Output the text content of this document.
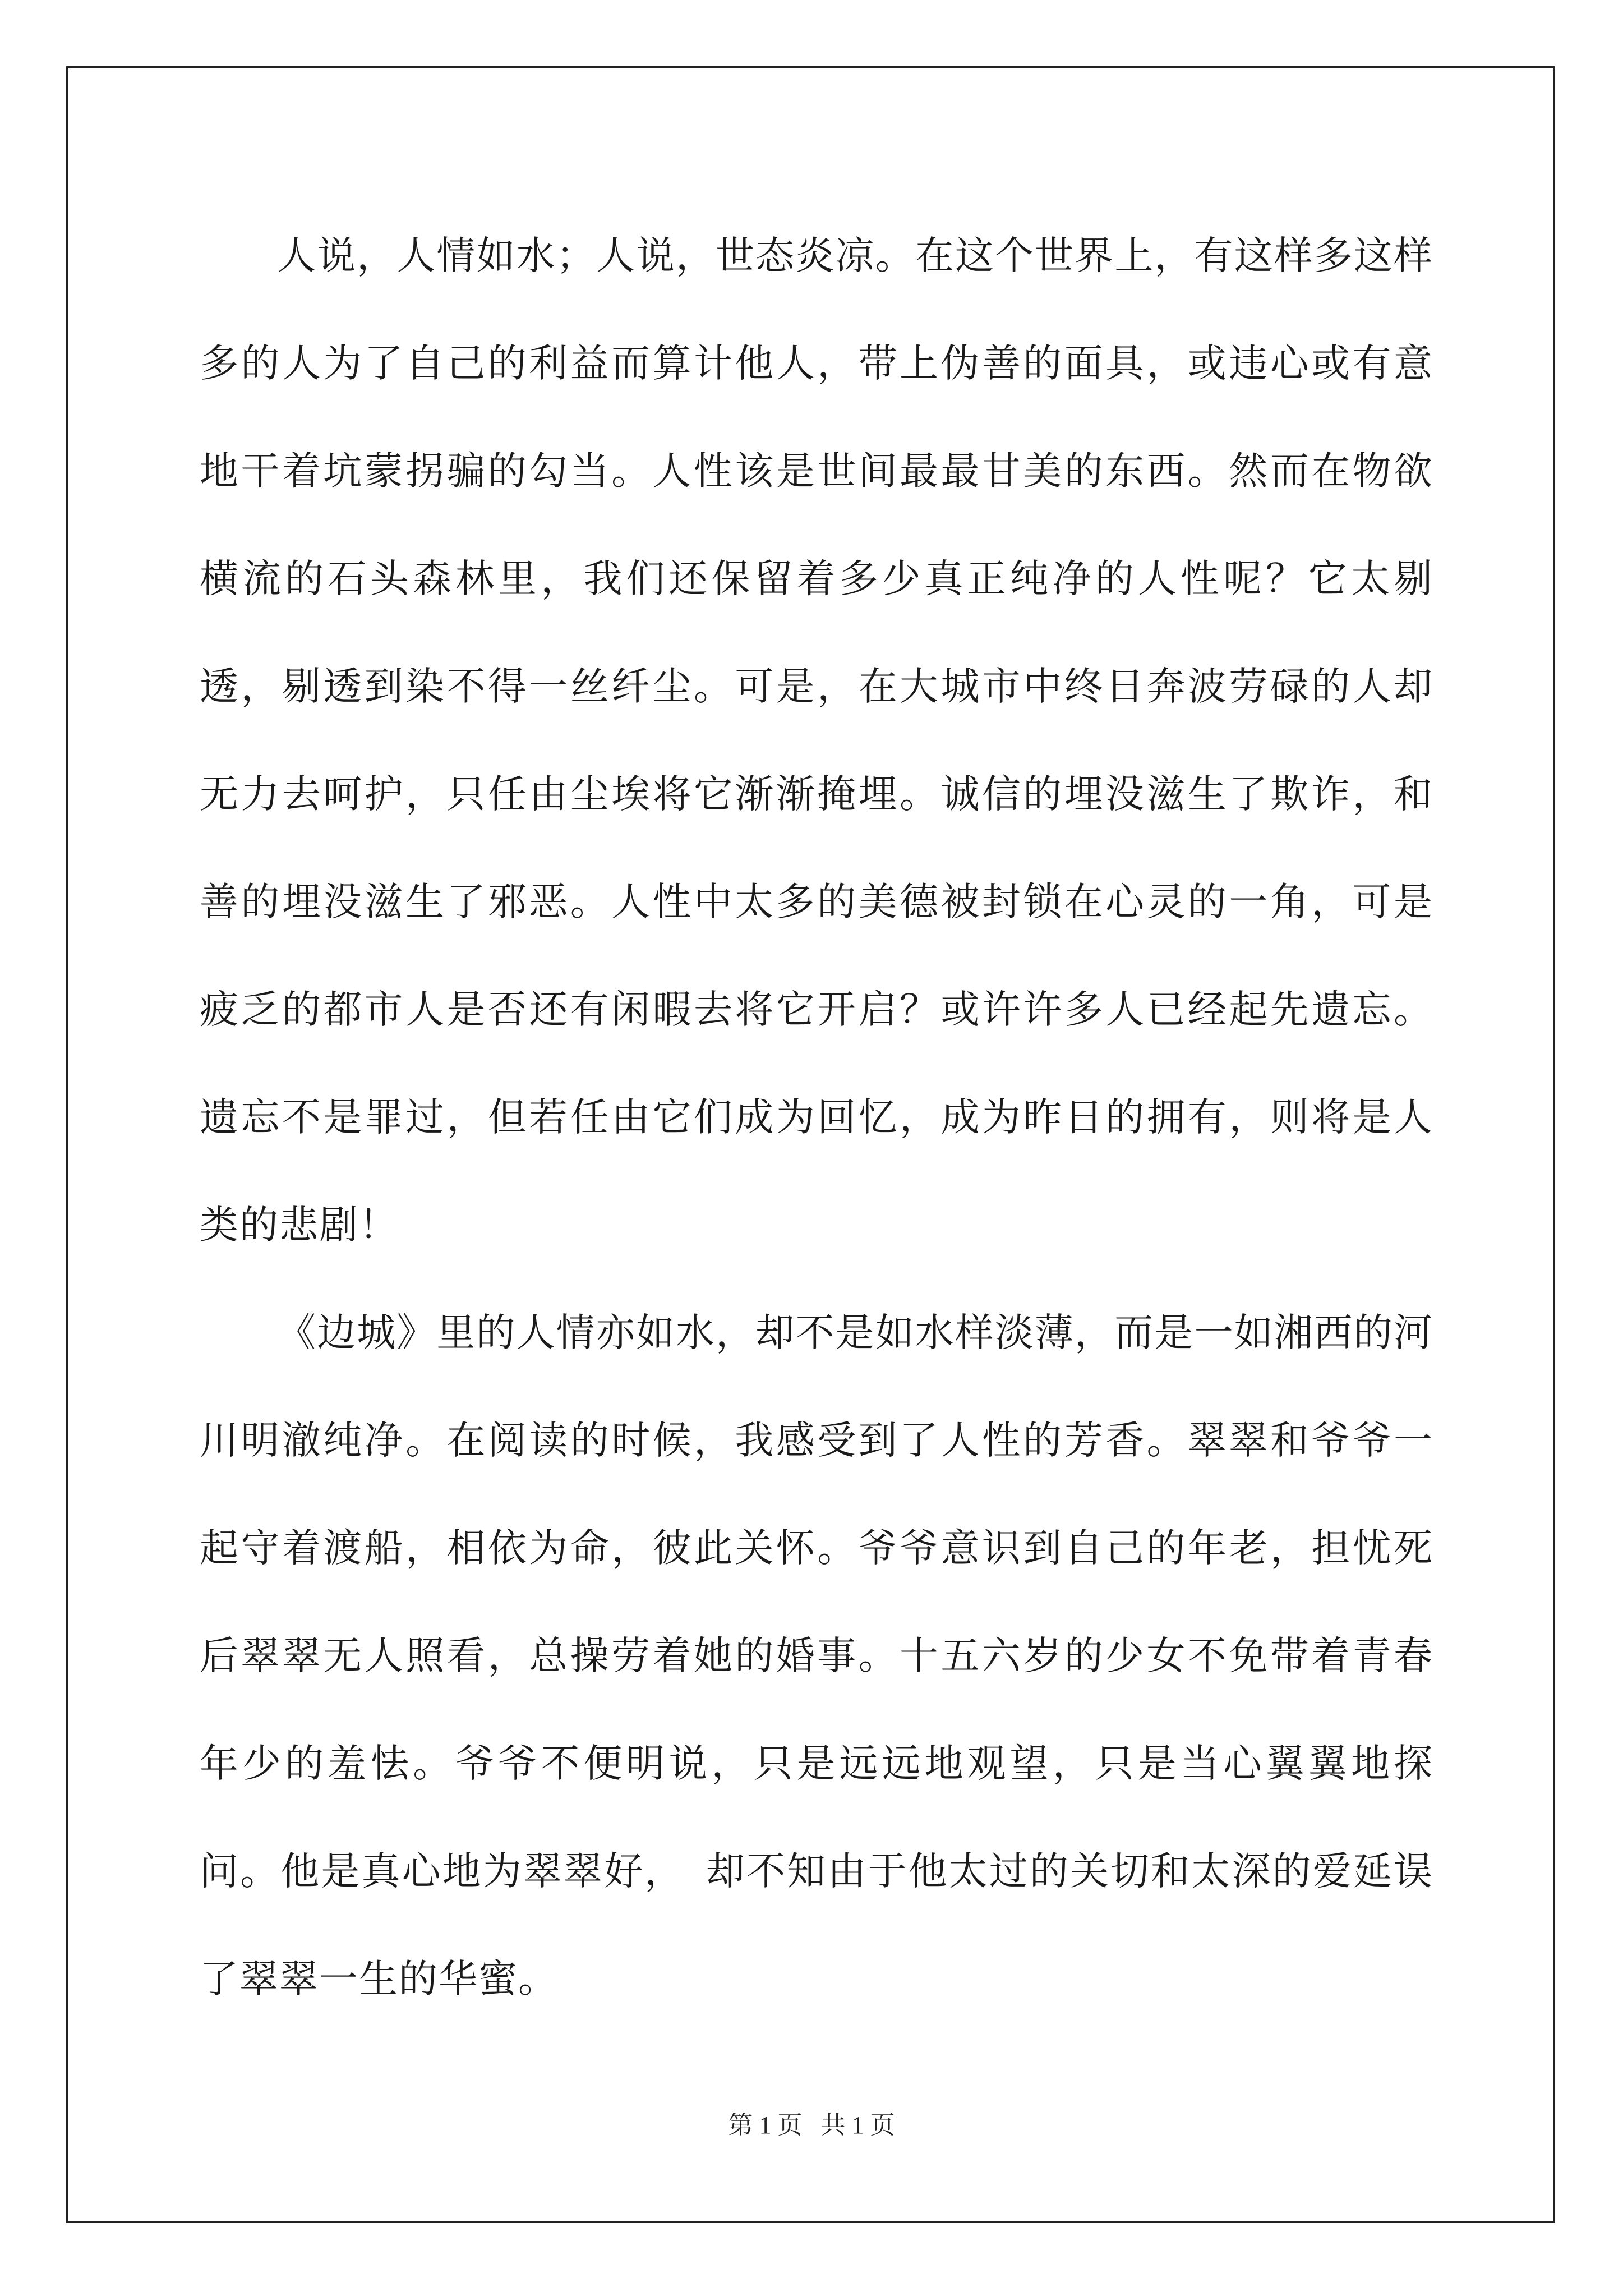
人说，人情如水；人说，世态炎凉。在这个世界上，有这样多这样多的人为了自己的利益而算计他人，带上伪善的面具，或违心或有意地干着坑蒙拐骗的勾当。人性该是世间最最甘美的东西。然而在物欲横流的石头森林里，我们还保留着多少真正纯净的人性呢？它太剔透，剔透到染不得一丝纤尘。可是，在大城市中终日奔波劳碌的人却无力去呵护，只任由尘埃将它渐渐掩埋。诚信的埋没滋生了欺诈，和善的埋没滋生了邪恶。人性中太多的美德被封锁在心灵的一角，可是疲乏的都市人是否还有闲暇去将它开启？或许许多人已经起先遗忘。遗忘不是罪过，但若任由它们成为回忆，成为昨日的拥有，则将是人类的悲剧！

《边城》里的人情亦如水，却不是如水样淡薄，而是一如湘西的河川明澈纯净。在阅读的时候，我感受到了人性的芳香。翠翠和爷爷一起守着渡船，相依为命，彼此关怀。爷爷意识到自己的年老，担忧死后翠翠无人照看，总操劳着她的婚事。十五六岁的少女不免带着青春年少的羞怯。爷爷不便明说，只是远远地观望，只是当心翼翼地探问。他是真心地为翠翠好，　却不知由于他太过的关切和太深的爱延误了翠翠一生的华蜜。

第 1 页 共 1 页
